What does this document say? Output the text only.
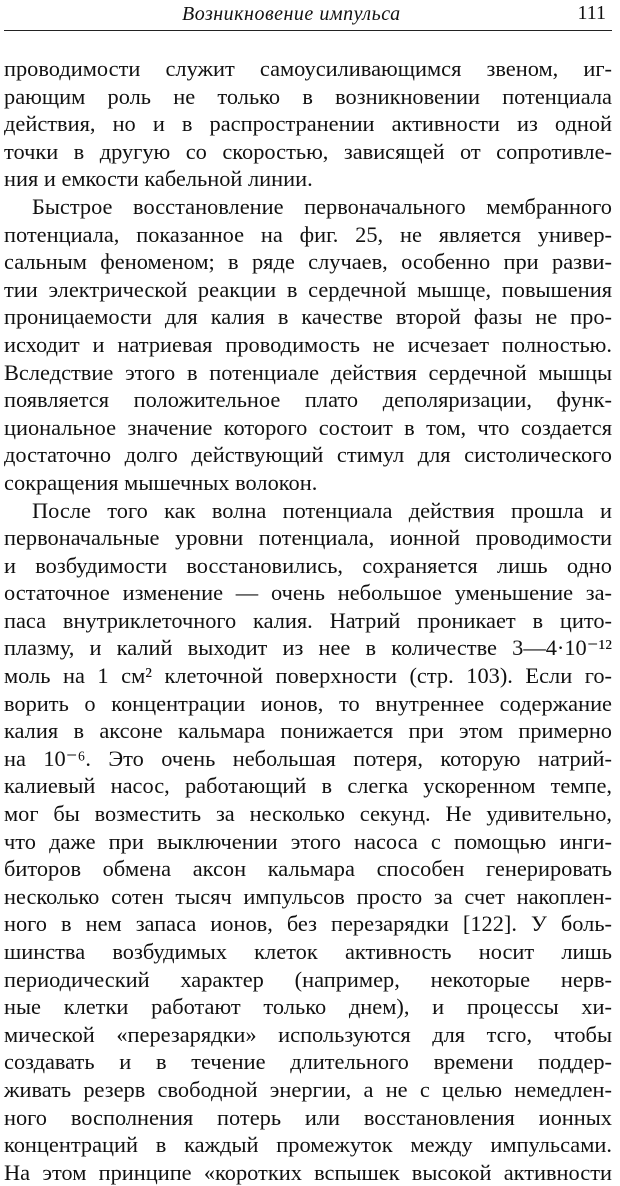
Возникновение импульса	111
проводимости служит самоусиливающимся звеном, иг-
рающим роль не только в возникновении потенциала
действия, но и в распространении активности из одной
точки в другую со скоростью, зависящей от сопротивле-
ния и емкости кабельной линии.
Быстрое восстановление первоначального мембранного
потенциала, показанное на фиг. 25, не является универ-
сальным феноменом; в ряде случаев, особенно при разви-
тии электрической реакции в сердечной мышце, повышения
проницаемости для калия в качестве второй фазы не про-
исходит и натриевая проводимость не исчезает полностью.
Вследствие этого в потенциале действия сердечной мышцы
появляется положительное плато деполяризации, функ-
циональное значение которого состоит в том, что создается
достаточно долго действующий стимул для систолического
сокращения мышечных волокон.
После того как волна потенциала действия прошла и
первоначальные уровни потенциала, ионной проводимости
и возбудимости восстановились, сохраняется лишь одно
остаточное изменение — очень небольшое уменьшение за-
паса внутриклеточного калия. Натрий проникает в цито-
плазму, и калий выходит из нее в количестве 3—4·10⁻¹²
моль на 1 см² клеточной поверхности (стр. 103). Если го-
ворить о концентрации ионов, то внутреннее содержание
калия в аксоне кальмара понижается при этом примерно
на 10⁻⁶. Это очень небольшая потеря, которую натрий-
калиевый насос, работающий в слегка ускоренном темпе,
мог бы возместить за несколько секунд. Не удивительно,
что даже при выключении этого насоса с помощью инги-
биторов обмена аксон кальмара способен генерировать
несколько сотен тысяч импульсов просто за счет накоплен-
ного в нем запаса ионов, без перезарядки [122]. У боль-
шинства возбудимых клеток активность носит лишь
периодический характер (например, некоторые нерв-
ные клетки работают только днем), и процессы хи-
мической «перезарядки» используются для тсго, чтобы
создавать и в течение длительного времени поддер-
живать резерв свободной энергии, а не с целью немедлен-
ного восполнения потерь или восстановления ионных
концентраций в каждый промежуток между импульсами.
На этом принципе «коротких вспышек высокой активности
